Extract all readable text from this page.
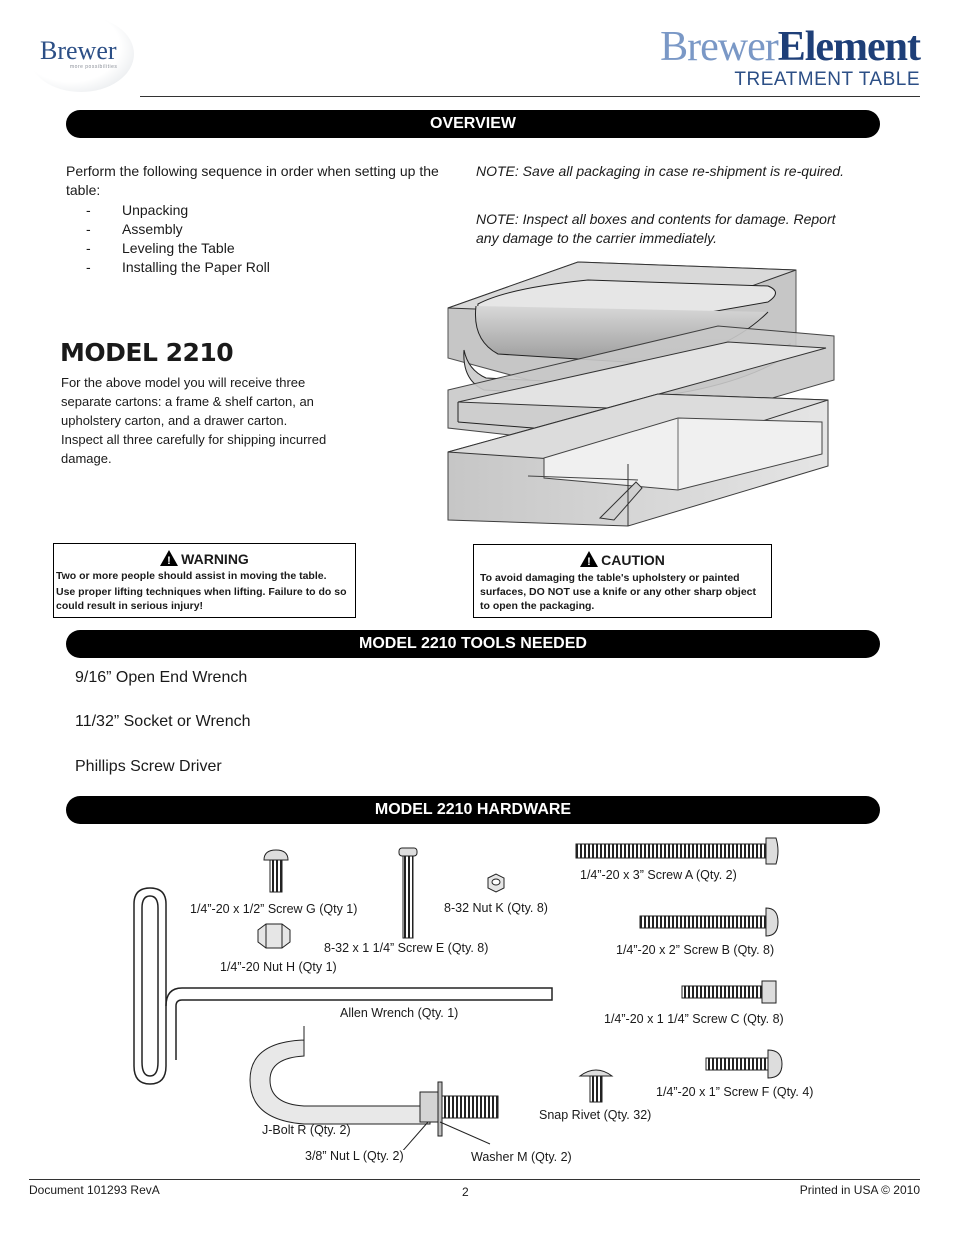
Brewer
more possibilities	BrewerElement
TREATMENT TABLE
OVERVIEW
Perform the following sequence in order when setting up the table:
- Unpacking
- Assembly
- Leveling the Table
- Installing the Paper Roll
NOTE: Save all packaging in case re-shipment is re-quired.
NOTE: Inspect all boxes and contents for damage. Report any damage to the carrier immediately.
MODEL 2210
For the above model you will receive three separate cartons: a frame & shelf carton, an upholstery carton, and a drawer carton. Inspect all three carefully for shipping incurred damage.
! WARNING
Two or more people should assist in moving the table.
Use proper lifting techniques when lifting. Failure to do so could result in serious injury!
! CAUTION
To avoid damaging the table's upholstery or painted surfaces, DO NOT use a knife or any other sharp object to open the packaging.
MODEL 2210 TOOLS NEEDED
9/16” Open End Wrench
11/32” Socket or Wrench
Phillips Screw Driver
MODEL 2210 HARDWARE
1/4”-20 x 1/2” Screw G (Qty 1)
8-32 x 1 1/4” Screw E (Qty. 8)
8-32 Nut K (Qty. 8)
1/4”-20 Nut H (Qty 1)
1/4”-20 x 3” Screw A (Qty. 2)
1/4”-20 x 2” Screw B (Qty. 8)
1/4”-20 x 1 1/4” Screw C (Qty. 8)
1/4”-20 x 1” Screw F (Qty. 4)
Allen Wrench (Qty. 1)
Snap Rivet (Qty. 32)
J-Bolt R (Qty. 2)
3/8” Nut L (Qty. 2)	Washer M (Qty. 2)
Document 101293 RevA	2	Printed in USA © 2010
